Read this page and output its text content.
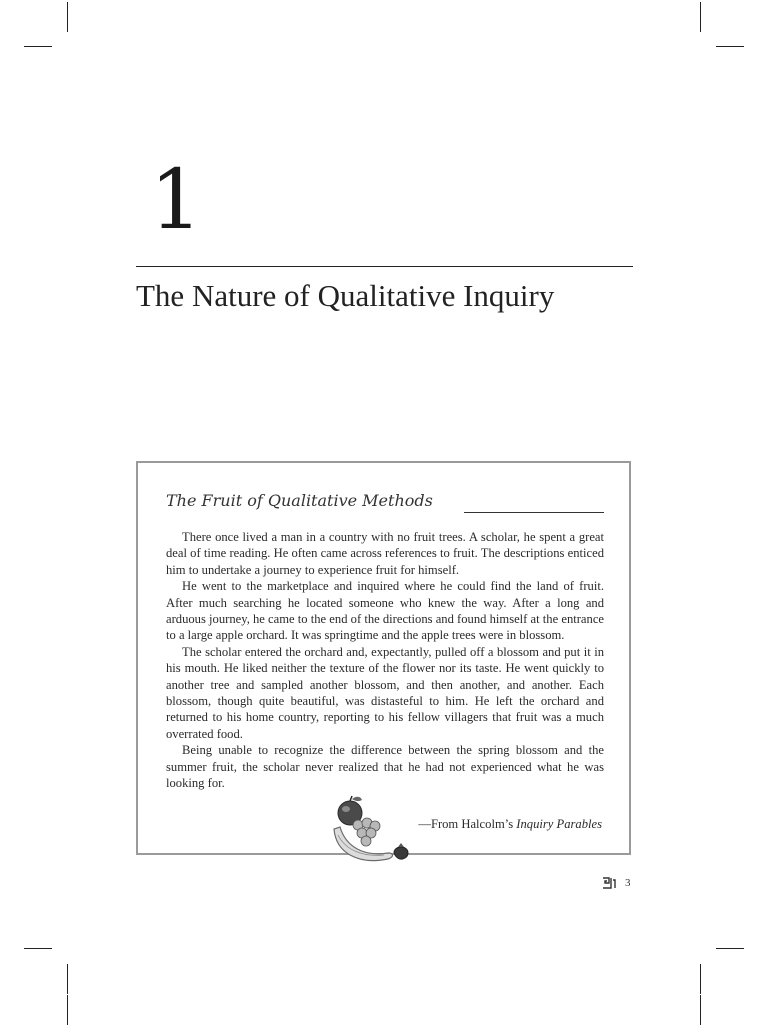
1
The Nature of Qualitative Inquiry
The Fruit of Qualitative Methods

There once lived a man in a country with no fruit trees. A scholar, he spent a great deal of time reading. He often came across references to fruit. The descriptions enticed him to undertake a journey to experience fruit for himself.

He went to the marketplace and inquired where he could find the land of fruit. After much searching he located someone who knew the way. After a long and arduous journey, he came to the end of the directions and found himself at the entrance to a large apple orchard. It was springtime and the apple trees were in blossom.

The scholar entered the orchard and, expectantly, pulled off a blossom and put it in his mouth. He liked neither the texture of the flower nor its taste. He went quickly to another tree and sampled another blossom, and then another, and another. Each blossom, though quite beautiful, was distasteful to him. He left the orchard and returned to his home country, reporting to his fellow villagers that fruit was a much overrated food.

Being unable to recognize the difference between the spring blossom and the summer fruit, the scholar never realized that he had not experienced what he was looking for.

—From Halcolm’s Inquiry Parables

3
